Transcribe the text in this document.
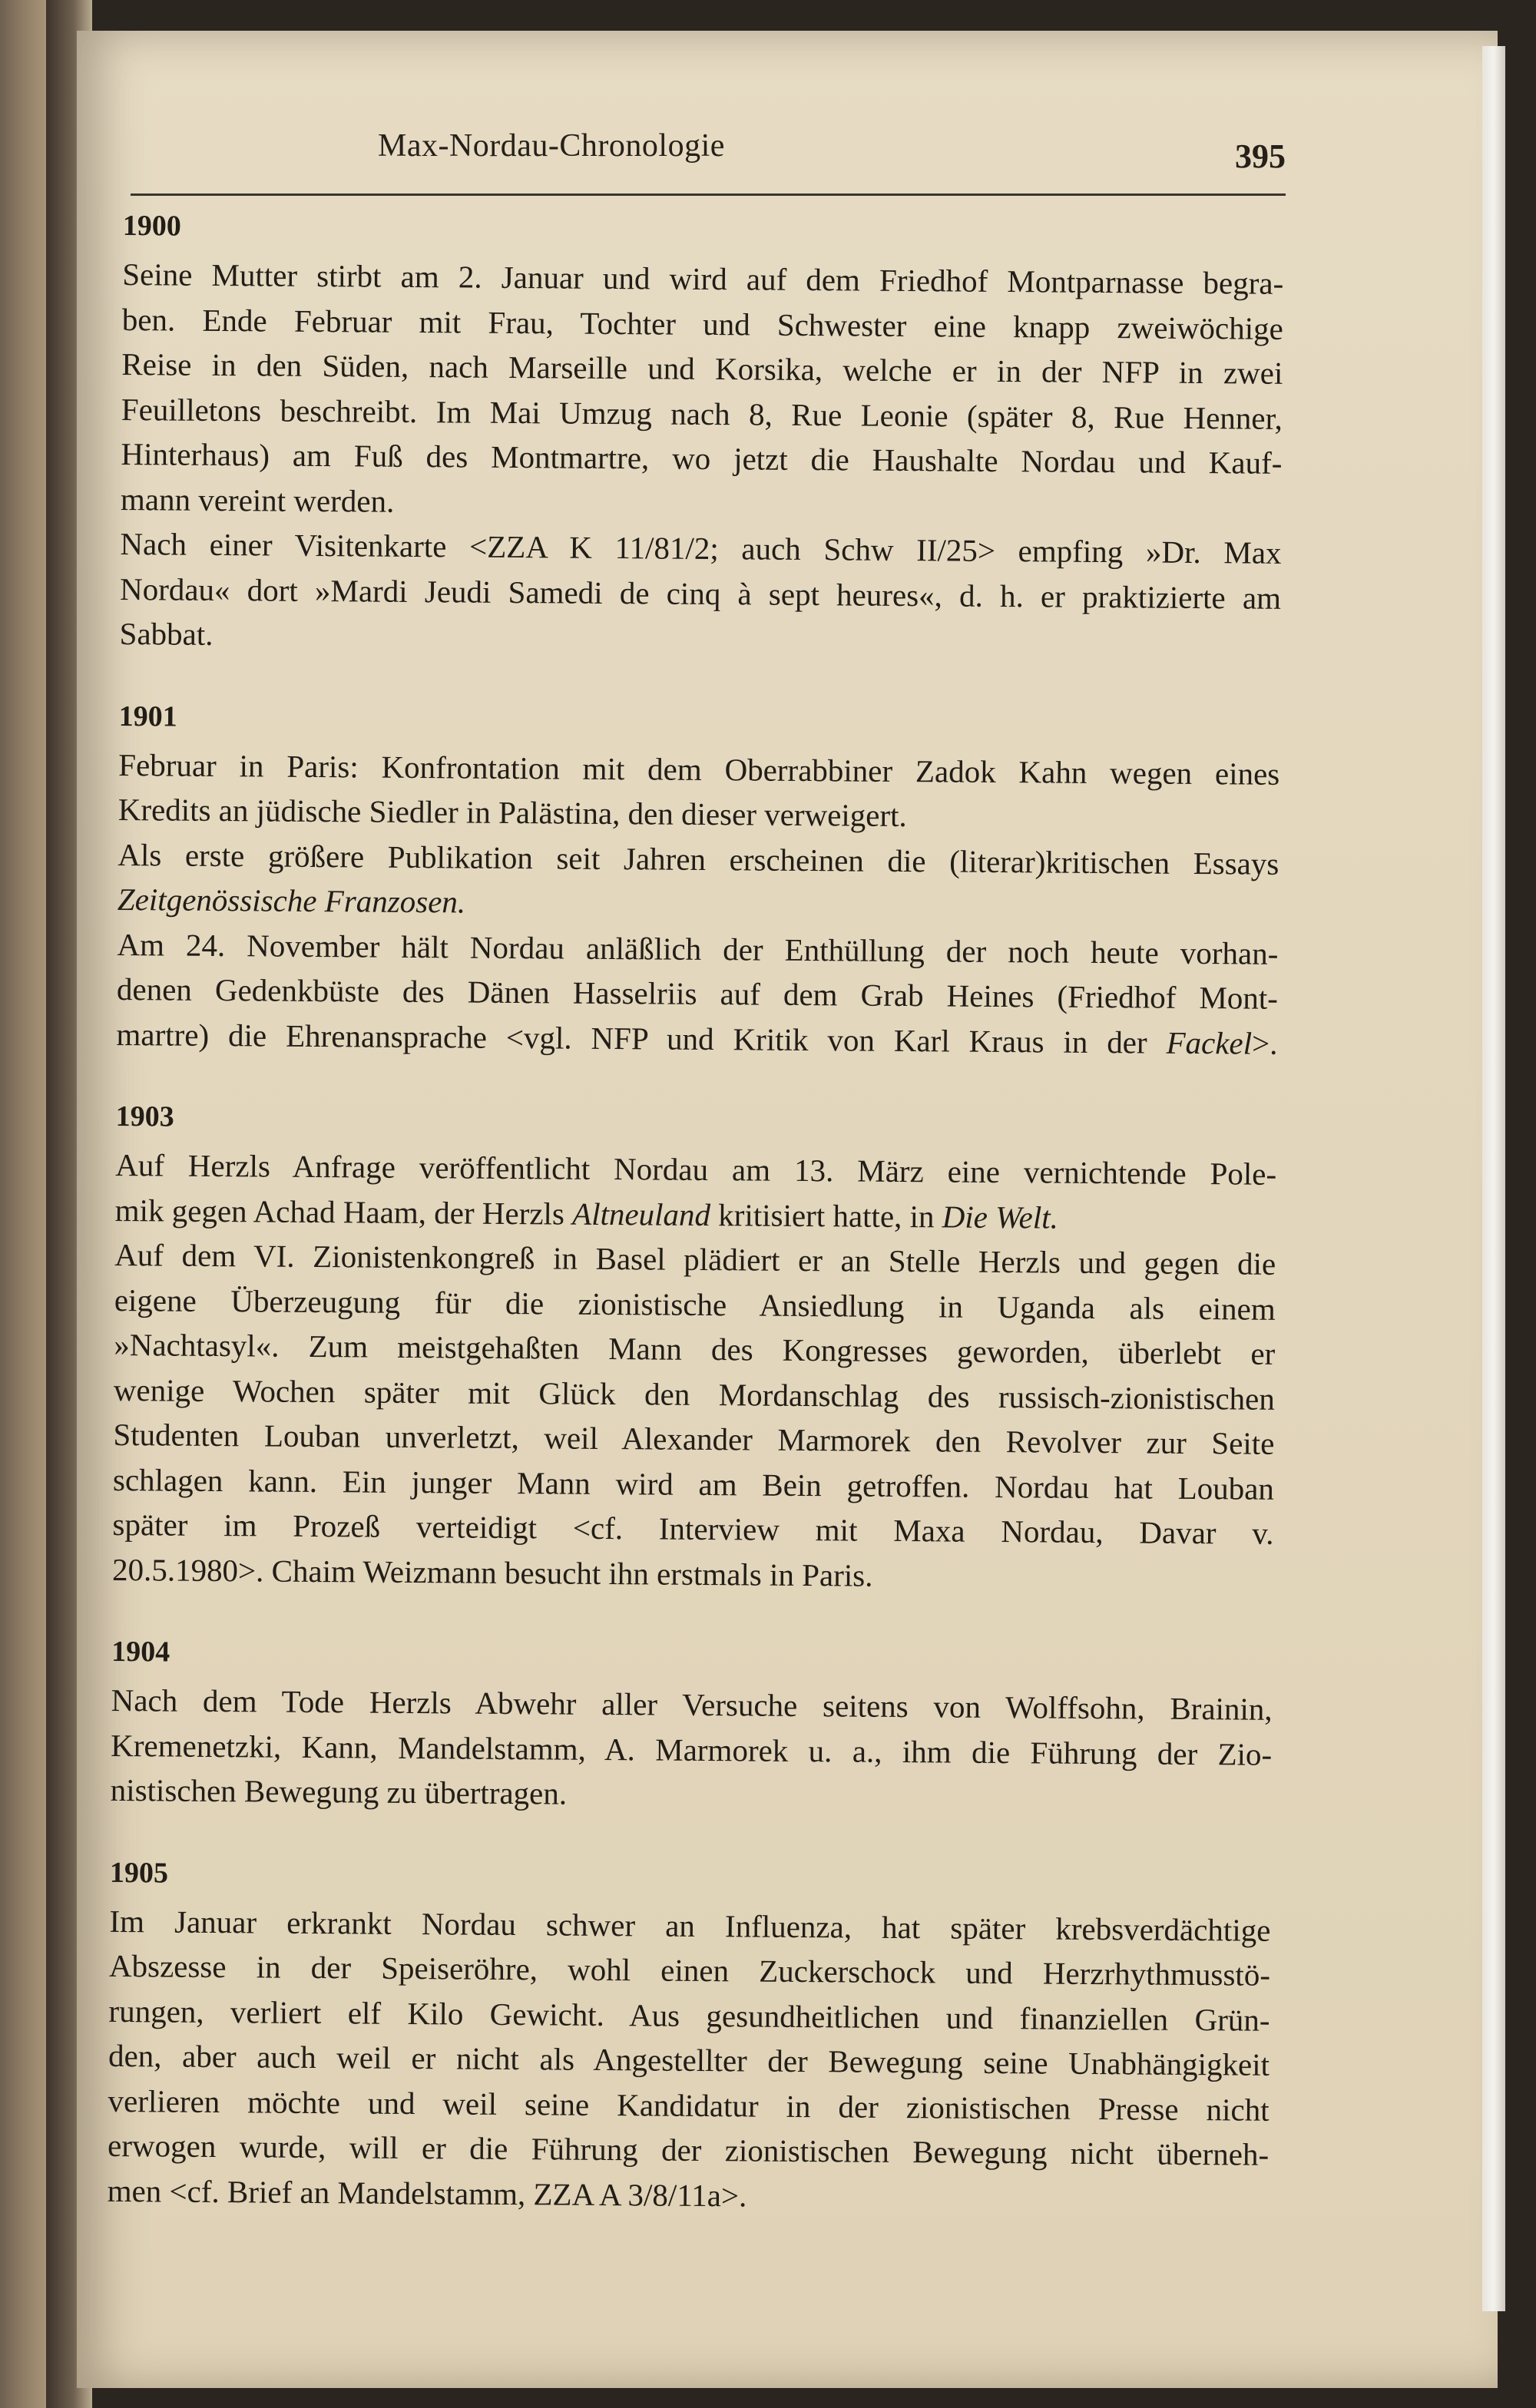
Max-Nordau-Chronologie	395
1900

Seine Mutter stirbt am 2. Januar und wird auf dem Friedhof Montparnasse begra-
ben. Ende Februar mit Frau, Tochter und Schwester eine knapp zweiwöchige
Reise in den Süden, nach Marseille und Korsika, welche er in der NFP in zwei
Feuilletons beschreibt. Im Mai Umzug nach 8, Rue Leonie (später 8, Rue Henner,
Hinterhaus) am Fuß des Montmartre, wo jetzt die Haushalte Nordau und Kauf-
mann vereint werden.

Nach einer Visitenkarte <ZZA K 11/81/2; auch Schw II/25> empfing »Dr. Max
Nordau« dort »Mardi Jeudi Samedi de cinq à sept heures«, d. h. er praktizierte am
Sabbat.

1901

Februar in Paris: Konfrontation mit dem Oberrabbiner Zadok Kahn wegen eines
Kredits an jüdische Siedler in Palästina, den dieser verweigert.

Als erste größere Publikation seit Jahren erscheinen die (literar)kritischen Essays
Zeitgenössische Franzosen.

Am 24. November hält Nordau anläßlich der Enthüllung der noch heute vorhan-
denen Gedenkbüste des Dänen Hasselriis auf dem Grab Heines (Friedhof Mont-
martre) die Ehrenansprache <vgl. NFP und Kritik von Karl Kraus in der Fackel>.

1903

Auf Herzls Anfrage veröffentlicht Nordau am 13. März eine vernichtende Pole-
mik gegen Achad Haam, der Herzls Altneuland kritisiert hatte, in Die Welt.

Auf dem VI. Zionistenkongreß in Basel plädiert er an Stelle Herzls und gegen die
eigene Überzeugung für die zionistische Ansiedlung in Uganda als einem
»Nachtasyl«. Zum meistgehaßten Mann des Kongresses geworden, überlebt er
wenige Wochen später mit Glück den Mordanschlag des russisch-zionistischen
Studenten Louban unverletzt, weil Alexander Marmorek den Revolver zur Seite
schlagen kann. Ein junger Mann wird am Bein getroffen. Nordau hat Louban
später im Prozeß verteidigt <cf. Interview mit Maxa Nordau, Davar v.
20.5.1980>. Chaim Weizmann besucht ihn erstmals in Paris.

1904

Nach dem Tode Herzls Abwehr aller Versuche seitens von Wolffsohn, Brainin,
Kremenetzki, Kann, Mandelstamm, A. Marmorek u. a., ihm die Führung der Zio-
nistischen Bewegung zu übertragen.

1905

Im Januar erkrankt Nordau schwer an Influenza, hat später krebsverdächtige
Abszesse in der Speiseröhre, wohl einen Zuckerschock und Herzrhythmusstö-
rungen, verliert elf Kilo Gewicht. Aus gesundheitlichen und finanziellen Grün-
den, aber auch weil er nicht als Angestellter der Bewegung seine Unabhängigkeit
verlieren möchte und weil seine Kandidatur in der zionistischen Presse nicht
erwogen wurde, will er die Führung der zionistischen Bewegung nicht überneh-
men <cf. Brief an Mandelstamm, ZZA A 3/8/11a>.
